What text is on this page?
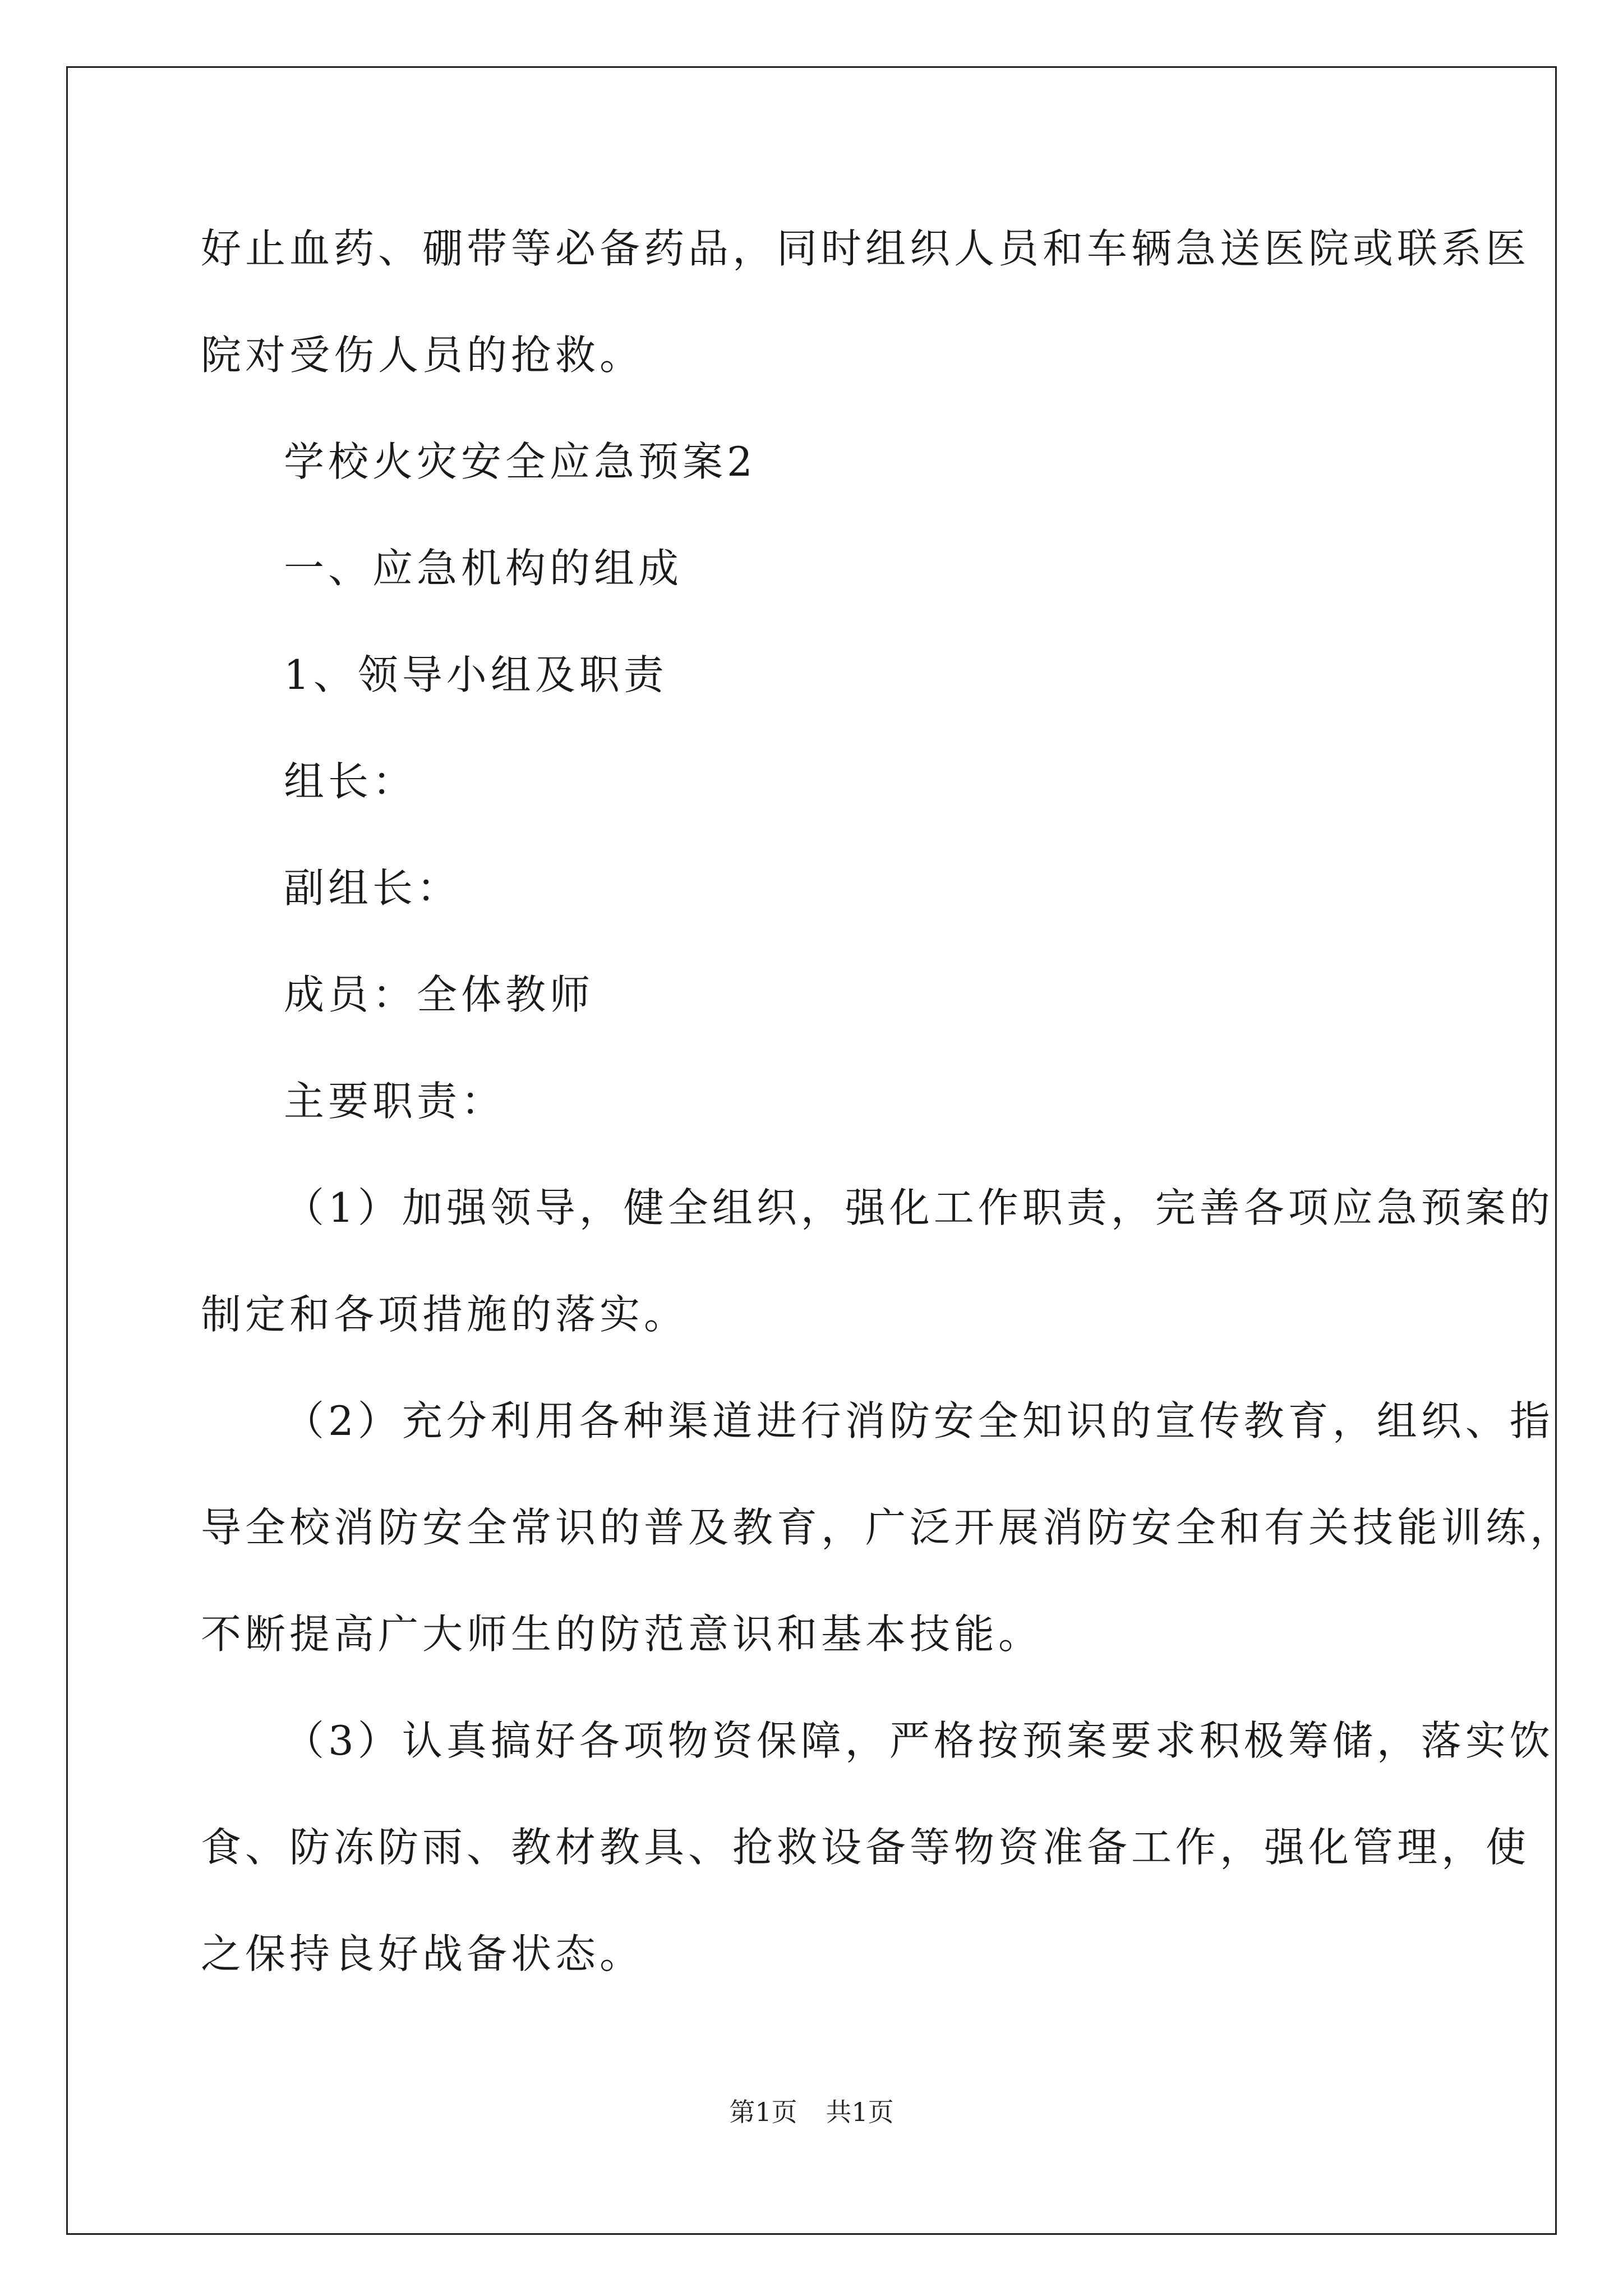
好止血药、硼带等必备药品，同时组织人员和车辆急送医院或联系医
院对受伤人员的抢救。
学校火灾安全应急预案2
一、应急机构的组成
1、领导小组及职责
组长：
副组长：
成员：全体教师
主要职责：
（1）加强领导，健全组织，强化工作职责，完善各项应急预案的
制定和各项措施的落实。
（2）充分利用各种渠道进行消防安全知识的宣传教育，组织、指
导全校消防安全常识的普及教育，广泛开展消防安全和有关技能训练，
不断提高广大师生的防范意识和基本技能。
（3）认真搞好各项物资保障，严格按预案要求积极筹储，落实饮
食、防冻防雨、教材教具、抢救设备等物资准备工作，强化管理，使
之保持良好战备状态。
第1页 共1页
